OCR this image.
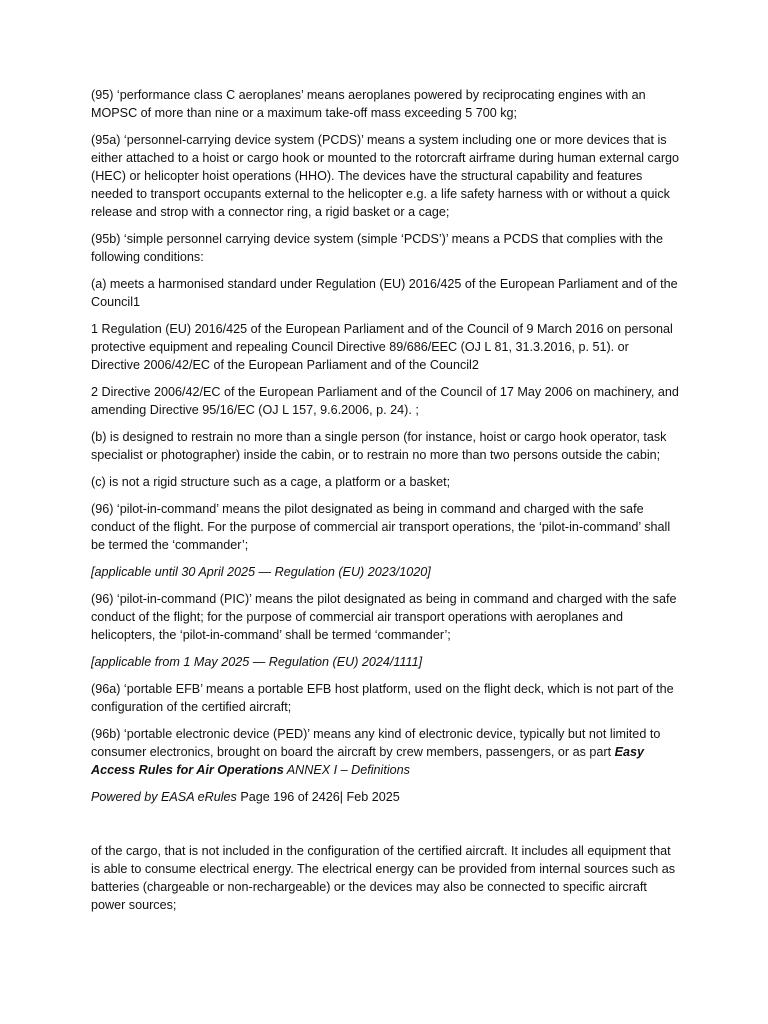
(95) ‘performance class C aeroplanes’ means aeroplanes powered by reciprocating engines with an MOPSC of more than nine or a maximum take-off mass exceeding 5 700 kg;

(95a) ‘personnel-carrying device system (PCDS)’ means a system including one or more devices that is either attached to a hoist or cargo hook or mounted to the rotorcraft airframe during human external cargo (HEC) or helicopter hoist operations (HHO). The devices have the structural capability and features needed to transport occupants external to the helicopter e.g. a life safety harness with or without a quick release and strop with a connector ring, a rigid basket or a cage;

(95b) ‘simple personnel carrying device system (simple ‘PCDS’)’ means a PCDS that complies with the following conditions:

(a) meets a harmonised standard under Regulation (EU) 2016/425 of the European Parliament and of the Council1

1 Regulation (EU) 2016/425 of the European Parliament and of the Council of 9 March 2016 on personal protective equipment and repealing Council Directive 89/686/EEC (OJ L 81, 31.3.2016, p. 51). or Directive 2006/42/EC of the European Parliament and of the Council2

2 Directive 2006/42/EC of the European Parliament and of the Council of 17 May 2006 on machinery, and amending Directive 95/16/EC (OJ L 157, 9.6.2006, p. 24). ;

(b) is designed to restrain no more than a single person (for instance, hoist or cargo hook operator, task specialist or photographer) inside the cabin, or to restrain no more than two persons outside the cabin;

(c) is not a rigid structure such as a cage, a platform or a basket;

(96) ‘pilot-in-command’ means the pilot designated as being in command and charged with the safe conduct of the flight. For the purpose of commercial air transport operations, the ‘pilot-in-command’ shall be termed the ‘commander’;

[applicable until 30 April 2025 — Regulation (EU) 2023/1020]

(96) ‘pilot-in-command (PIC)’ means the pilot designated as being in command and charged with the safe conduct of the flight; for the purpose of commercial air transport operations with aeroplanes and helicopters, the ‘pilot-in-command’ shall be termed ‘commander’;

[applicable from 1 May 2025 — Regulation (EU) 2024/1111]

(96a) ‘portable EFB’ means a portable EFB host platform, used on the flight deck, which is not part of the configuration of the certified aircraft;

(96b) ‘portable electronic device (PED)’ means any kind of electronic device, typically but not limited to consumer electronics, brought on board the aircraft by crew members, passengers, or as part Easy Access Rules for Air Operations ANNEX I – Definitions

Powered by EASA eRules Page 196 of 2426| Feb 2025

of the cargo, that is not included in the configuration of the certified aircraft. It includes all equipment that is able to consume electrical energy. The electrical energy can be provided from internal sources such as batteries (chargeable or non-rechargeable) or the devices may also be connected to specific aircraft power sources;
